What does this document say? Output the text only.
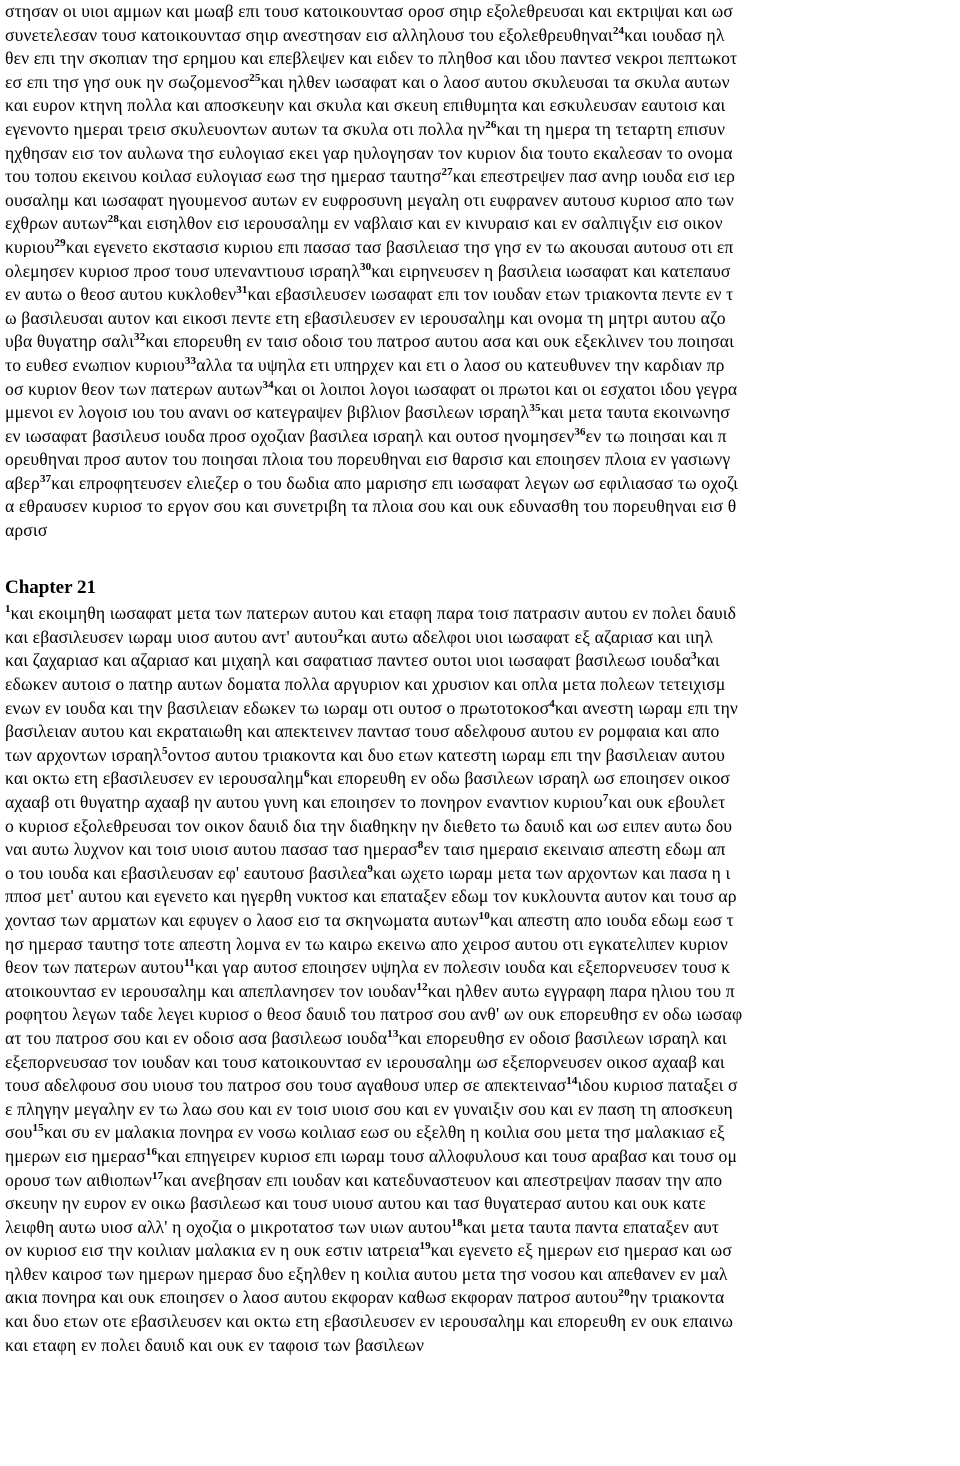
στησαν οι υιοι αμμων και μωαβ επι τουσ κατοικουντασ οροσ σηιρ εξολεθρευσαι και εκτριψαι και ωσ
συνετελεσαν τουσ κατοικουντασ σηιρ ανεστησαν εισ αλληλουσ του εξολεθρευθηναι$^{24}$και ιουδασ ηλ
θεν επι την σκοπιαν τησ ερημου και επεβλεψεν και ειδεν το πληθοσ και ιδου παντεσ νεκροι πεπτωκοτ
εσ επι τησ γησ ουκ ην σωζομενοσ$^{25}$και ηλθεν ιωσαφατ και ο λαοσ αυτου σκυλευσαι τα σκυλα αυτων
και ευρον κτηνη πολλα και αποσκευην και σκυλα και σκευη επιθυμητα και εσκυλευσαν εαυτοισ και
εγενοντο ημεραι τρεισ σκυλευοντων αυτων τα σκυλα οτι πολλα $\eta\nu^{26}\kappa\alpha\iota$ τη ημερα τη τεταρτη επισυν
ηχθησαν εισ τον αυλωνα τησ ευλογιασ εκει γαρ ηυλογησαν τον κυριον δια τουτο εκαλεσαν το ονομα
του τοπου εκεινου κοιλασ ευλογιασ εωσ τησ ημερασ ταυτησ$^{27}$και επεστρεψεν πασ ανηρ ιουδα εισ ιερ
ουσαλημ και ιωσαφατ ηγουμενοσ αυτων εν ευφροσυνη μεγαλη οτι ευφρανεν αυτουσ κυριοσ απο των
εχθρων αυτων$^{28}$και εισηλθον εισ ιερουσαλημ εν ναβλαισ και εν κινυραισ και εν σαλπιγξιν εισ οικον
κυριου$^{29}$και εγενετο εκστασισ κυριου επι πασασ τασ βασιλειασ τησ γησ εν τω ακουσαι αυτουσ οτι επ
ολεμησεν κυριοσ προσ τουσ υπεναντιουσ ισραηλ$^{30}$και ειρηνευσεν η βασιλεια ιωσαφατ και κατεπαυσ
εν αυτω ο θεοσ αυτου κυκλοθεν$^{31}$και εβασιλευσεν ιωσαφατ επι τον ιουδαν ετων τριακοντα πεντε εν τ
ω βασιλευσαι αυτον και εικοσι πεντε ετη εβασιλευσεν εν ιερουσαλημ και ονομα τη μητρι αυτου αζο
υβα θυγατηρ σαλι$^{32}$και επορευθη εν ταισ οδοισ του πατροσ αυτου ασα και ουκ εξεκλινεν του ποιησαι
το ευθεσ ενωπιον κυριου$^{33}$αλλα τα υψηλα ετι υπηρχεν και ετι ο λαοσ ου κατευθυνεν την καρδιαν πρ
οσ κυριον θεον των πατερων αυτων$^{34}$και οι λοιποι λογοι ιωσαφατ οι πρωτοι και οι εσχατοι ιδου γεγρα
μμενοι εν λογοισ ιου του ανανι οσ κατεγραψεν βιβλιον βασιλεων ισραηλ$^{35}$και μετα ταυτα εκοινωνησ
εν ιωσαφατ βασιλευσ ιουδα προσ οχοζιαν βασιλεα ισραηλ και ουτοσ ηνομησεν$^{36}$εν τω ποιησαι και π
ορευθηναι προσ αυτον του ποιησαι πλοια του πορευθηναι εισ θαρσισ και εποιησεν πλοια εν γασιωνγ
αβερ$^{37}$και επροφητευσεν ελιεζερ ο του δωδια απο μαρισησ επι ιωσαφατ λεγων ωσ εφιλιασασ τω οχοζι
α εθραυσεν κυριοσ το εργον σου και συνετριβη τα πλοια σου και ουκ εδυνασθη του πορευθηναι εισ θ
αρσισ
Chapter 21
$^1$και εκοιμηθη ιωσαφατ μετα των πατερων αυτου και εταφη παρα τοισ πατρασιν αυτου εν πολει δαυιδ
και εβασιλευσεν ιωραμ υιοσ αυτου αντ' αυτου$^2$και αυτω αδελφοι υιοι ιωσαφατ εξ αζαριασ και ιιηλ
και ζαχαριασ και αζαριασ και μιχαηλ και σαφατιασ παντεσ ουτοι υιοι ιωσαφατ βασιλεωσ ιουδα$^3$και
εδωκεν αυτοισ ο πατηρ αυτων δοματα πολλα αργυριον και χρυσιον και οπλα μετα πολεων τετειχισμ
ενων εν ιουδα και την βασιλειαν εδωκεν τω ιωραμ οτι ουτοσ ο πρωτοτοκοσ$^4$και ανεστη ιωραμ επι την
βασιλειαν αυτου και εκραταιωθη και απεκτεινεν παντασ τουσ αδελφουσ αυτου εν ρομφαια και απο
των αρχοντων ισραηλ$^5$οντοσ αυτου τριακοντα και δυο ετων κατεστη ιωραμ επι την βασιλειαν αυτου
και οκτω ετη εβασιλευσεν εν ιερουσαλημ$^6$και επορευθη εν οδω βασιλεων ισραηλ ωσ εποιησεν οικοσ
αχααβ οτι θυγατηρ αχααβ ην αυτου γυνη και εποιησεν το πονηρον εναντιον κυριου$^7$και ουκ εβουλετ
ο κυριοσ εξολεθρευσαι τον οικον δαυιδ δια την διαθηκην ην διεθετο τω δαυιδ και ωσ ειπεν αυτω δου
ναι αυτω λυχνον και τοισ υιοισ αυτου πασασ τασ ημερασ$^8$εν ταισ ημεραισ εκειναισ απεστη εδωμ απ
ο του ιουδα και εβασιλευσαν εφ' εαυτουσ βασιλεα$^9$και ωχετο ιωραμ μετα των αρχοντων και πασα η ι
ππoσ μετ' αυτου και εγενετο και ηγερθη νυκτοσ και επαταξεν εδωμ τον κυκλουντα αυτον και τουσ αρ
χοντασ των αρματων και εφυγεν ο λαοσ εισ τα σκηνωματα αυτων$^{10}$και απεστη απο ιουδα εδωμ εωσ τ
ησ ημερασ ταυτησ τοτε απεστη λομνα εν τω καιρω εκεινω απο χειροσ αυτου οτι εγκατελιπεν κυριον
θεον των πατερων αυτου$^{11}$και γαρ αυτοσ εποιησεν υψηλα εν πολεσιν ιουδα και εξεπορνευσεν τουσ κ
ατοικουντασ εν ιερουσαλημ και απεπλανησεν τον ιουδαν$^{12}$και ηλθεν αυτω εγγραφη παρα ηλιου του π
ροφητου λεγων ταδε λεγει κυριοσ ο θεοσ δαυιδ του πατροσ σου ανθ' ων ουκ επορευθησ εν οδω ιωσαφ
ατ του πατροσ σου και εν οδοισ ασα βασιλεωσ ιουδα$^{13}$και επορευθησ εν οδοισ βασιλεων ισραηλ και
εξεπορνευσασ τον ιουδαν και τουσ κατοικουντασ εν ιερουσαλημ ωσ εξεπορνευσεν οικοσ αχααβ και
τουσ αδελφουσ σου υιουσ του πατροσ σου τουσ αγαθουσ υπερ σε απεκτεινασ$^{14}$ιδου κυριοσ παταξει σ
ε πληγην μεγαλην εν τω λαω σου και εν τοισ υιοισ σου και εν γυναιξιν σου και εν παση τη αποσκευη
σου$^{15}$και συ εν μαλακια πονηρα εν νοσω κοιλιασ εωσ ου εξελθη η κοιλια σου μετα τησ μαλακιασ εξ
ημερων εισ ημερασ$^{16}$και επηγειρεν κυριοσ επι ιωραμ τουσ αλλοφυλουσ και τουσ αραβασ και τουσ ομ
ορουσ των αιθιοπων$^{17}$και ανεβησαν επι ιουδαν και κατεδυναστευον και απεστρεψαν πασαν την απο
σκευην ην ευρον εν οικω βασιλεωσ και τουσ υιουσ αυτου και τασ θυγατερασ αυτου και ουκ κατε
λειφθη αυτω υιοσ αλλ' η οχοζια ο μικροτατοσ των υιων αυτου$^{18}$και μετα ταυτα παντα επαταξεν αυτ
ον κυριοσ εισ την κοιλιαν μαλακια εν η ουκ εστιν ιατρεια$^{19}$και εγενετο εξ ημερων εισ ημερασ και ωσ
ηλθεν καιροσ των ημερων ημερασ δυο εξηλθεν η κοιλια αυτου μετα τησ νοσου και απεθανεν εν μαλ
ακια πονηρα και ουκ εποιησεν ο λαοσ αυτου εκφοραν καθωσ εκφοραν πατροσ αυτου$^{20}$ην τριακοντα
και δυο ετων οτε εβασιλευσεν και οκτω ετη εβασιλευσεν εν ιερουσαλημ και επορευθη εν ουκ επαινω
και εταφη εν πολει δαυιδ και ουκ εν ταφοισ των βασιλεων
